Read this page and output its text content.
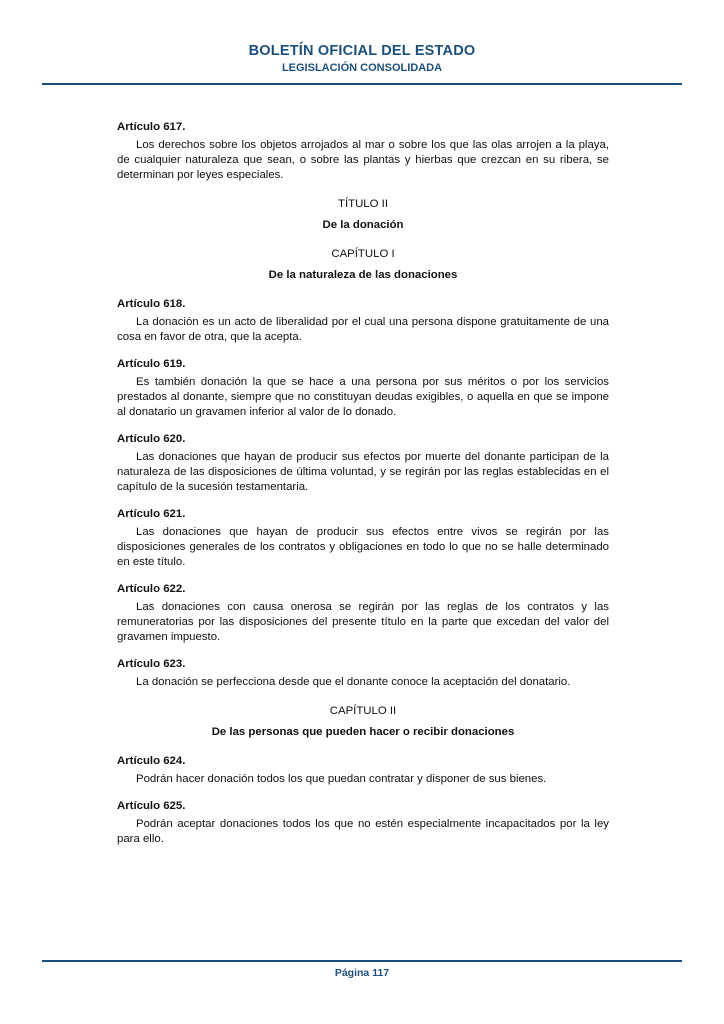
BOLETÍN OFICIAL DEL ESTADO
LEGISLACIÓN CONSOLIDADA

Artículo 617.

Los derechos sobre los objetos arrojados al mar o sobre los que las olas arrojen a la playa, de cualquier naturaleza que sean, o sobre las plantas y hierbas que crezcan en su ribera, se determinan por leyes especiales.

TÍTULO II

De la donación

CAPÍTULO I

De la naturaleza de las donaciones

Artículo 618.

La donación es un acto de liberalidad por el cual una persona dispone gratuitamente de una cosa en favor de otra, que la acepta.

Artículo 619.

Es también donación la que se hace a una persona por sus méritos o por los servicios prestados al donante, siempre que no constituyan deudas exigibles, o aquella en que se impone al donatario un gravamen inferior al valor de lo donado.

Artículo 620.

Las donaciones que hayan de producir sus efectos por muerte del donante participan de la naturaleza de las disposiciones de última voluntad, y se regirán por las reglas establecidas en el capítulo de la sucesión testamentaria.

Artículo 621.

Las donaciones que hayan de producir sus efectos entre vivos se regirán por las disposiciones generales de los contratos y obligaciones en todo lo que no se halle determinado en este título.

Artículo 622.

Las donaciones con causa onerosa se regirán por las reglas de los contratos y las remuneratorias por las disposiciones del presente título en la parte que excedan del valor del gravamen impuesto.

Artículo 623.

La donación se perfecciona desde que el donante conoce la aceptación del donatario.

CAPÍTULO II

De las personas que pueden hacer o recibir donaciones

Artículo 624.

Podrán hacer donación todos los que puedan contratar y disponer de sus bienes.

Artículo 625.

Podrán aceptar donaciones todos los que no estén especialmente incapacitados por la ley para ello.

Página 117
